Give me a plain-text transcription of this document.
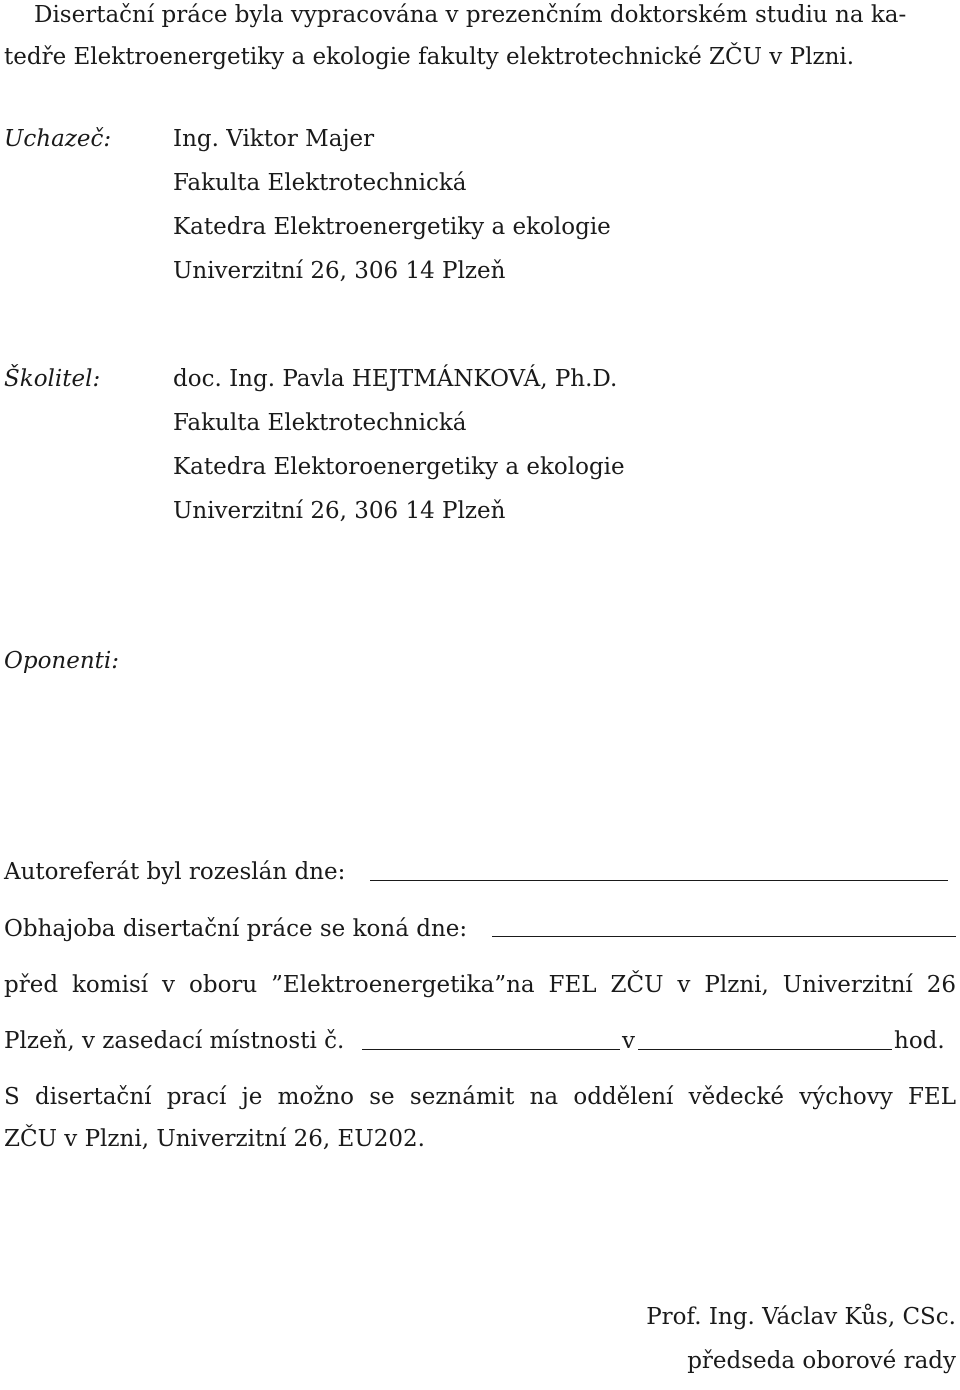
Disertační práce byla vypracována v prezenčním doktorském studiu na ka-
tedře Elektroenergetiky a ekologie fakulty elektrotechnické ZČU v Plzni.
Uchazeč:	Ing. Viktor Majer
Fakulta Elektrotechnická
Katedra Elektroenergetiky a ekologie
Univerzitní 26, 306 14 Plzeň
Školitel:	doc. Ing. Pavla HEJTMÁNKOVÁ, Ph.D.
Fakulta Elektrotechnická
Katedra Elektoroenergetiky a ekologie
Univerzitní 26, 306 14 Plzeň
Oponenti:
Autoreferát byl rozeslán dne:
Obhajoba disertační práce se koná dne:
před komisí v oboru ”Elektroenergetika”na FEL ZČU v Plzni, Univerzitní 26
Plzeň, v zasedací místnosti č.	v	hod.
S disertační prací je možno se seznámit na oddělení vědecké výchovy FEL
ZČU v Plzni, Univerzitní 26, EU202.
Prof. Ing. Václav Kůs, CSc.
předseda oborové rady
